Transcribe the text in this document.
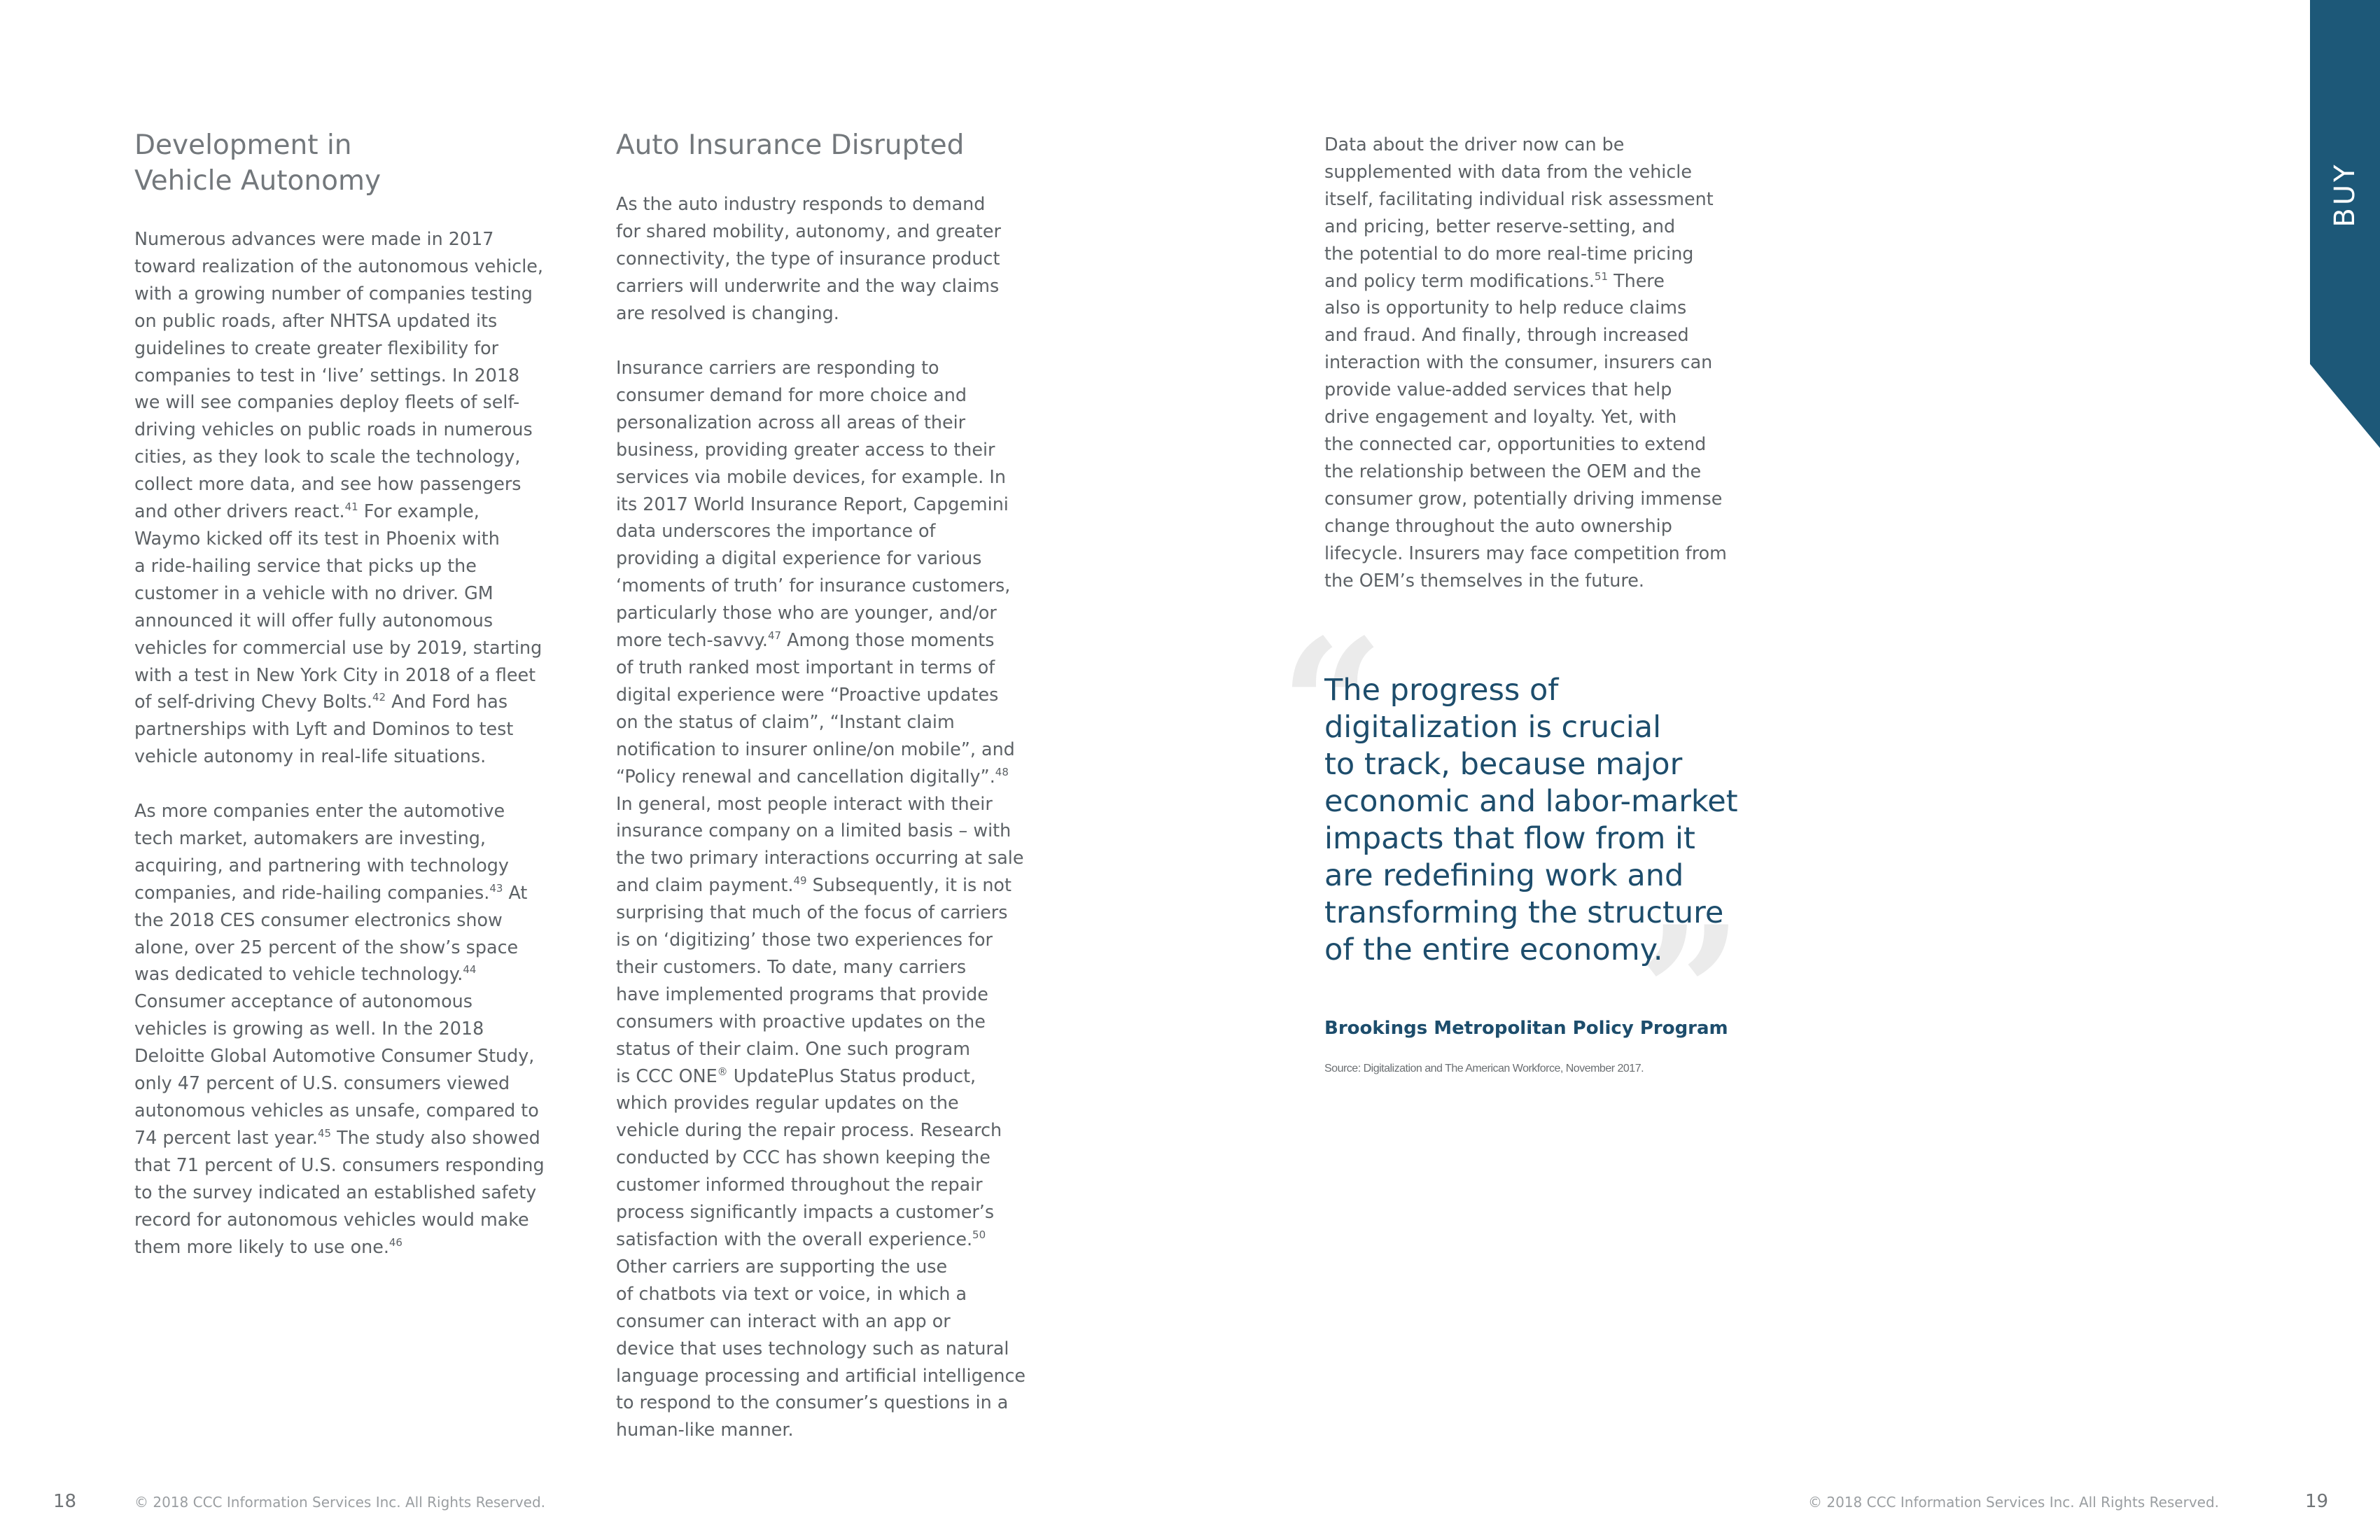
Development in
Vehicle Autonomy
Numerous advances were made in 2017
toward realization of the autonomous vehicle,
with a growing number of companies testing
on public roads, after NHTSA updated its
guidelines to create greater flexibility for
companies to test in ‘live’ settings. In 2018
we will see companies deploy fleets of self-
driving vehicles on public roads in numerous
cities, as they look to scale the technology,
collect more data, and see how passengers
and other drivers react.$^{41}$ For example,
Waymo kicked off its test in Phoenix with
a ride-hailing service that picks up the
customer in a vehicle with no driver. GM
announced it will offer fully autonomous
vehicles for commercial use by 2019, starting
with a test in New York City in 2018 of a fleet
of self-driving Chevy Bolts.$^{42}$ And Ford has
partnerships with Lyft and Dominos to test
vehicle autonomy in real-life situations.
As more companies enter the automotive
tech market, automakers are investing,
acquiring, and partnering with technology
companies, and ride-hailing companies.$^{43}$ At
the 2018 CES consumer electronics show
alone, over 25 percent of the show’s space
was dedicated to vehicle technology.$^{44}$
Consumer acceptance of autonomous
vehicles is growing as well. In the 2018
Deloitte Global Automotive Consumer Study,
only 47 percent of U.S. consumers viewed
autonomous vehicles as unsafe, compared to
74 percent last year.$^{45}$ The study also showed
that 71 percent of U.S. consumers responding
to the survey indicated an established safety
record for autonomous vehicles would make
them more likely to use one.$^{46}$
Auto Insurance Disrupted
As the auto industry responds to demand
for shared mobility, autonomy, and greater
connectivity, the type of insurance product
carriers will underwrite and the way claims
are resolved is changing.
Insurance carriers are responding to
consumer demand for more choice and
personalization across all areas of their
business, providing greater access to their
services via mobile devices, for example. In
its 2017 World Insurance Report, Capgemini
data underscores the importance of
providing a digital experience for various
‘moments of truth’ for insurance customers,
particularly those who are younger, and/or
more tech-savvy.$^{47}$ Among those moments
of truth ranked most important in terms of
digital experience were “Proactive updates
on the status of claim”, “Instant claim
notification to insurer online/on mobile”, and
“Policy renewal and cancellation digitally”.$^{48}$
In general, most people interact with their
insurance company on a limited basis – with
the two primary interactions occurring at sale
and claim payment.$^{49}$ Subsequently, it is not
surprising that much of the focus of carriers
is on ‘digitizing’ those two experiences for
their customers. To date, many carriers
have implemented programs that provide
consumers with proactive updates on the
status of their claim. One such program
is CCC ONE® UpdatePlus Status product,
which provides regular updates on the
vehicle during the repair process. Research
conducted by CCC has shown keeping the
customer informed throughout the repair
process significantly impacts a customer’s
satisfaction with the overall experience.$^{50}$
Other carriers are supporting the use
of chatbots via text or voice, in which a
consumer can interact with an app or
device that uses technology such as natural
language processing and artificial intelligence
to respond to the consumer’s questions in a
human-like manner.
Data about the driver now can be
supplemented with data from the vehicle
itself, facilitating individual risk assessment
and pricing, better reserve-setting, and
the potential to do more real-time pricing
and policy term modifications.$^{51}$ There
also is opportunity to help reduce claims
and fraud. And finally, through increased
interaction with the consumer, insurers can
provide value-added services that help
drive engagement and loyalty. Yet, with
the connected car, opportunities to extend
the relationship between the OEM and the
consumer grow, potentially driving immense
change throughout the auto ownership
lifecycle. Insurers may face competition from
the OEM’s themselves in the future.
“
”

The progress of
digitalization is crucial
to track, because major
economic and labor-market
impacts that flow from it
are redefining work and
transforming the structure
of the entire economy.

Brookings Metropolitan Policy Program
Source: Digitalization and The American Workforce, November 2017.
BUY
18	© 2018 CCC Information Services Inc. All Rights Reserved.	© 2018 CCC Information Services Inc. All Rights Reserved.	19
